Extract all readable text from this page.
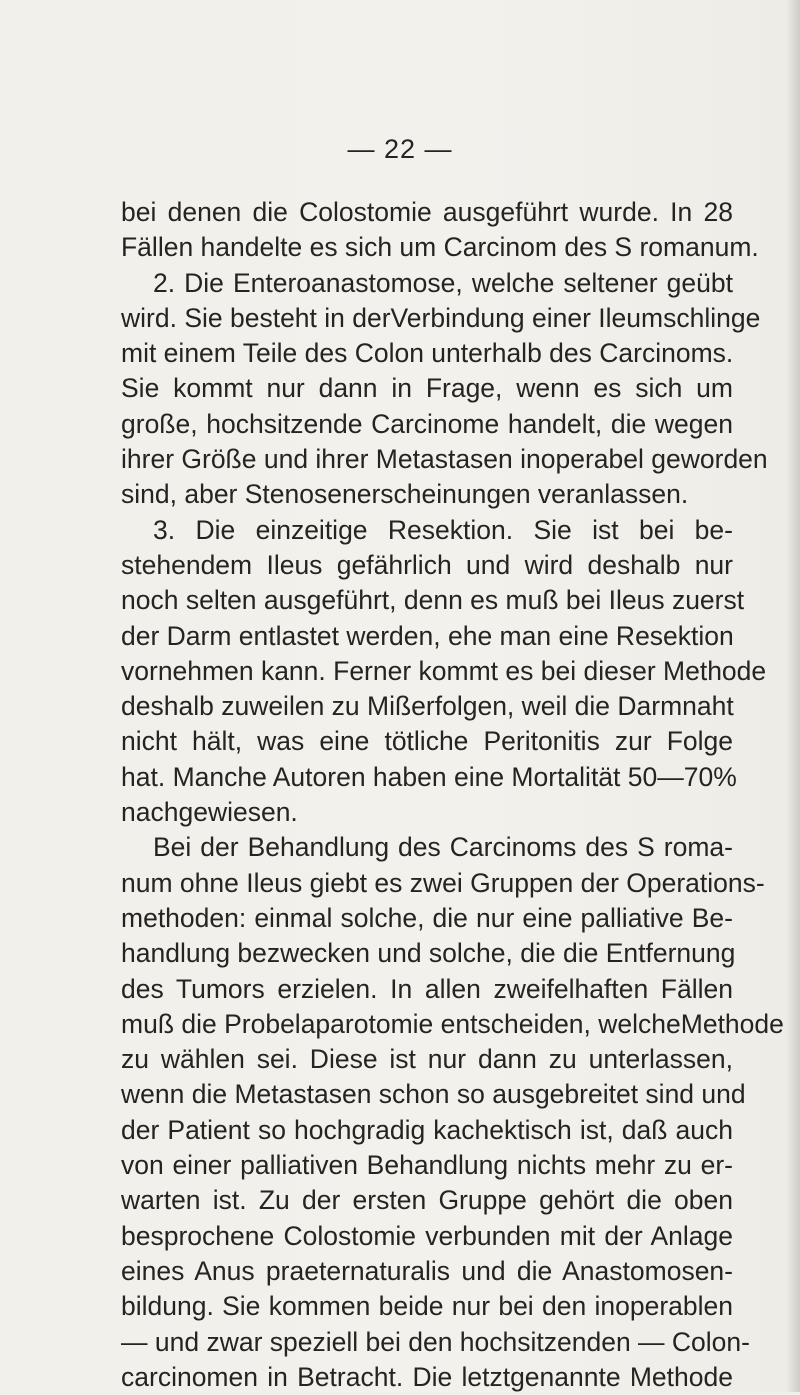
— 22 —
bei denen die Colostomie ausgeführt wurde. In 28
Fällen handelte es sich um Carcinom des S romanum.
2. Die Enteroanastomose, welche seltener geübt
wird. Sie besteht in derVerbindung einer Ileumschlinge
mit einem Teile des Colon unterhalb des Carcinoms.
Sie kommt nur dann in Frage, wenn es sich um
große, hochsitzende Carcinome handelt, die wegen
ihrer Größe und ihrer Metastasen inoperabel geworden
sind, aber Stenosenerscheinungen veranlassen.
3. Die einzeitige Resektion. Sie ist bei be-
stehendem Ileus gefährlich und wird deshalb nur
noch selten ausgeführt, denn es muß bei Ileus zuerst
der Darm entlastet werden, ehe man eine Resektion
vornehmen kann. Ferner kommt es bei dieser Methode
deshalb zuweilen zu Mißerfolgen, weil die Darmnaht
nicht hält, was eine tötliche Peritonitis zur Folge
hat. Manche Autoren haben eine Mortalität 50—70%
nachgewiesen.
Bei der Behandlung des Carcinoms des S roma-
num ohne Ileus giebt es zwei Gruppen der Operations-
methoden: einmal solche, die nur eine palliative Be-
handlung bezwecken und solche, die die Entfernung
des Tumors erzielen. In allen zweifelhaften Fällen
muß die Probelaparotomie entscheiden, welcheMethode
zu wählen sei. Diese ist nur dann zu unterlassen,
wenn die Metastasen schon so ausgebreitet sind und
der Patient so hochgradig kachektisch ist, daß auch
von einer palliativen Behandlung nichts mehr zu er-
warten ist. Zu der ersten Gruppe gehört die oben
besprochene Colostomie verbunden mit der Anlage
eines Anus praeternaturalis und die Anastomosen-
bildung. Sie kommen beide nur bei den inoperablen
— und zwar speziell bei den hochsitzenden — Colon-
carcinomen in Betracht. Die letztgenannte Methode
